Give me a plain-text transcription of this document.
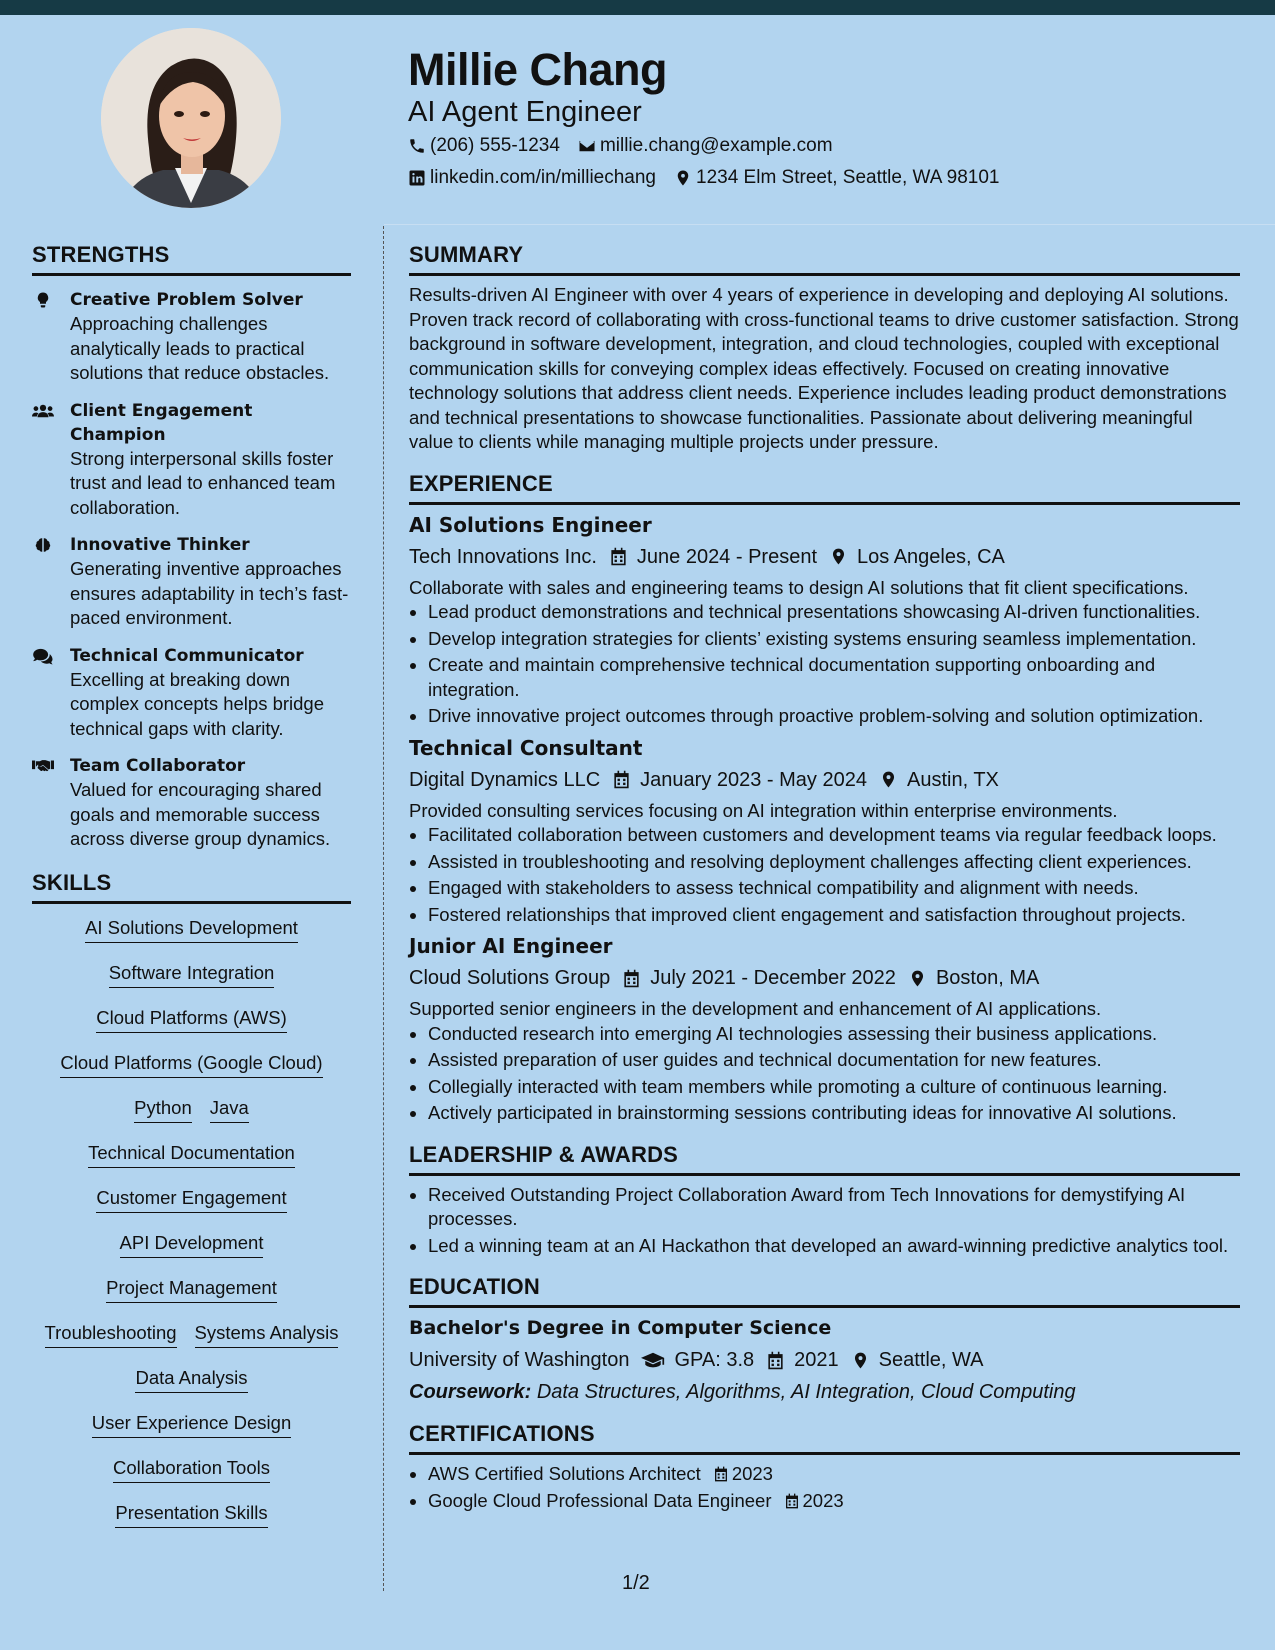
Millie Chang
AI Agent Engineer
(206) 555-1234 millie.chang@example.com
linkedin.com/in/milliechang 1234 Elm Street, Seattle, WA 98101
STRENGTHS
Creative Problem Solver
Approaching challenges analytically leads to practical solutions that reduce obstacles.
Client Engagement Champion
Strong interpersonal skills foster trust and lead to enhanced team collaboration.
Innovative Thinker
Generating inventive approaches ensures adaptability in tech’s fast-paced environment.
Technical Communicator
Excelling at breaking down complex concepts helps bridge technical gaps with clarity.
Team Collaborator
Valued for encouraging shared goals and memorable success across diverse group dynamics.
SKILLS
AI Solutions Development
Software Integration
Cloud Platforms (AWS)
Cloud Platforms (Google Cloud)
Python Java
Technical Documentation
Customer Engagement
API Development
Project Management
Troubleshooting Systems Analysis
Data Analysis
User Experience Design
Collaboration Tools
Presentation Skills
SUMMARY

Results-driven AI Engineer with over 4 years of experience in developing and deploying AI solutions. Proven track record of collaborating with cross-functional teams to drive customer satisfaction. Strong background in software development, integration, and cloud technologies, coupled with exceptional communication skills for conveying complex ideas effectively. Focused on creating innovative technology solutions that address client needs. Experience includes leading product demonstrations and technical presentations to showcase functionalities. Passionate about delivering meaningful value to clients while managing multiple projects under pressure.

EXPERIENCE
AI Solutions Engineer
Tech Innovations Inc. June 2024 - Present Los Angeles, CA

Collaborate with sales and engineering teams to design AI solutions that fit client specifications.

• Lead product demonstrations and technical presentations showcasing AI-driven functionalities.
• Develop integration strategies for clients’ existing systems ensuring seamless implementation.
• Create and maintain comprehensive technical documentation supporting onboarding and integration.
• Drive innovative project outcomes through proactive problem-solving and solution optimization.
Technical Consultant
Digital Dynamics LLC January 2023 - May 2024 Austin, TX

Provided consulting services focusing on AI integration within enterprise environments.

• Facilitated collaboration between customers and development teams via regular feedback loops.
• Assisted in troubleshooting and resolving deployment challenges affecting client experiences.
• Engaged with stakeholders to assess technical compatibility and alignment with needs.
• Fostered relationships that improved client engagement and satisfaction throughout projects.
Junior AI Engineer
Cloud Solutions Group July 2021 - December 2022 Boston, MA

Supported senior engineers in the development and enhancement of AI applications.

• Conducted research into emerging AI technologies assessing their business applications.
• Assisted preparation of user guides and technical documentation for new features.
• Collegially interacted with team members while promoting a culture of continuous learning.
• Actively participated in brainstorming sessions contributing ideas for innovative AI solutions.
LEADERSHIP & AWARDS
• Received Outstanding Project Collaboration Award from Tech Innovations for demystifying AI processes.
• Led a winning team at an AI Hackathon that developed an award-winning predictive analytics tool.
EDUCATION
Bachelor's Degree in Computer Science
University of Washington GPA: 3.8 2021 Seattle, WA
Coursework: Data Structures, Algorithms, AI Integration, Cloud Computing
CERTIFICATIONS
• AWS Certified Solutions Architect 2023
• Google Cloud Professional Data Engineer 2023
1/2
